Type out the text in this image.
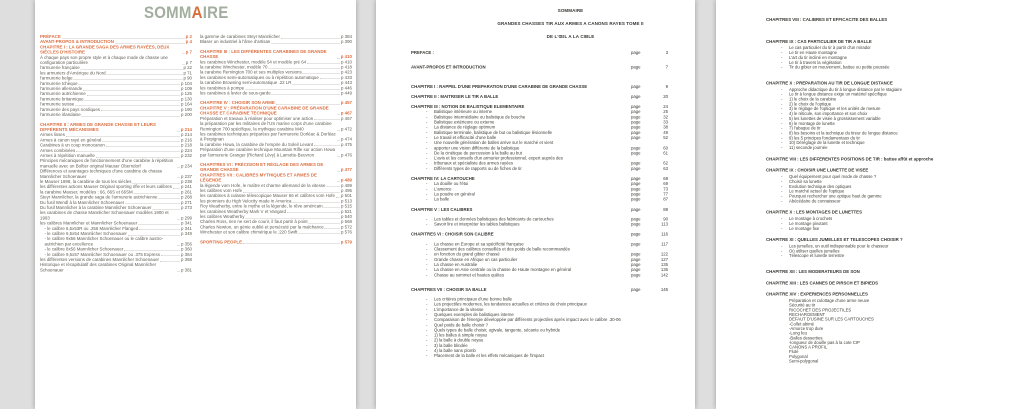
SOMMAIRE
PRÉFACE	p 2
AVANT-PROPOS & INTRODUCTION	p 4
CHAPITRE I : LA GRANDE SAGA DES ARMES RAYÉES, DEUX SIÈCLES D'HISTOIRE	p 7
À chaque pays son propre style et à chaque mode de chasse une configuration particulière	p 7
l'armurerie française	p 22
les armuriers d'Amérique du Nord	p 71
l'armurerie belge	p 90
l'armurerie tchèque	p 104
l'armurerie allemande	p 109
l'armurerie autrichienne	p 125
l'armurerie britannique	p 130
l'armurerie suisse	p 164
l'armurerie des pays nordiques	p 190
l'armurerie irlandaise	p 200
CHAPITRE II : ARMES DE GRANDE CHASSE ET LEURS DIFFÉRENTS MÉCANISMES	p 214
Armes lisses	p 214
Armes à canon rayé en général	p 216
Carabines à un coup monocanon	p 218
Armes combinées	p 224
Armes à répétition manuelle	p 232
Principes mécaniques de fonctionnement d'une carabine à répétition manuelle avec un Boîtier original Mauser Oberndorf	p 234
Différences et avantages techniques d'une carabine de chasse Mannlicher Schoenauer	p 237
le Mauser 1898, la carabine de tous les siècles	p 238
les différentes actions Mauser Original sporting rifle et leurs calibres p 241
la carabine Mauser, modèles : 66, 66S et 66SM	p 261
Steyr Mannlicher, la grande saga de l'armurerie autrichienne	p 268
Du fusil Wendl à la Mannlicher Schoenauer	p 271
Du fusil Mannlicher à la carabine Mannlicher Schoenauer	p 273
les carabines de chasse Mannlicher Schoenauer modèles 1900 et 1903	p 299
les calibres Mannlicher et Mannlicher Schoenauer	p 341
- le calibre 6,5x53R ou .256 Mannlicher Flanged	p 341
- le calibre 6,5x54 Mannlicher Schoenauer	p 349
- le calibre 9x56 Mannlicher Schoenauer ou le calibre austro-autrichien par excellence	p 356
- le calibre 8x56 Mannlicher Schoenauer	p 360
- le calibre 9,5x57 Mannlicher Schoenauer ou .375 Express p 364
les différentes versions de carabines Mannlicher Schoenauer	p 368
Historique et récapitulatif des carabines Original Mannlicher Schoenauer	p 381
la gamme de carabines Steyr Mannlicher	p 384
Blaser un industriel à l'âme d'artisan	p 390
CHAPITRE III : LES DIFFÉRENTES CARABINES DE GRANDE CHASSE	p 410
les carabines Winchester, modèle 54 et modèle pré 64	p 410
la carabine Winchester, modèle 70	p 418
la carabine Remington 700 et ses multiples versions	p 423
les carabines semi-automatiques ou à répétition automatique	p 433
la carabine Browning semi-automatique .22 LR	p 443
les carabines à pompe	p 446
les carabines à levier de sous-garde	p 449
CHAPITRE IV : CHOISIR SON ARME	p 457
CHAPITRE V : PRÉPARATION D'UNE CARABINE DE GRANDE CHASSE ET CARABINE TECHNIQUE	p 467
Préparation et travaux à réaliser pour optimiser une action	p 467
la préparation par les militaires de l'US marine corps d'une carabine Remington 700 spécifique, la mythique carabine M40	p 472
les carabines techniques préparées par l'armurerie Dorléac & Dorléac à Perpignan	p 474
la carabine Howa, la carabine de l'empire du Soleil Levant	p 475
Préparation d'une carabine technique Mountain Rifle sur action Howa par l'armurerie Granger (Richard Lévy) à Lamotte-Beuvron	p 476
CHAPITRES VI : PRÉCISION ET RÉGLAGE DES ARMES DE GRANDE CHASSE	p 477
CHAPITRES VII : CALIBRES MYTHIQUES ET ARMES DE LÉGENDE	p 489
la légende vom Hofe, le maître et charme allemand de la vitesse p 489
les calibres vom Hofe	p 495
les carabines à culasse télescopique Mauser 66 et calibres vom Hofe p 501
les pionniers du High Velocity made in America	p 513
Roy Weatherby, entre le mythe et la légende, le rêve américain p 515
les carabines Weatherby Mark V et Vangard	p 521
les calibres Weatherby	p 540
Charles Ross, rien ne sert de courir, il faut partir à point	p 568
Charles Newton, un génie oublié et persécuté par la malchance p 572
Winchester et son calibre chimérique le .220 Swift	p 576
SPORTING PEOPLE	p 579
SOMMAIRE
GRANDES CHASSES TIR AUX ARMES A CANONS RAYES TOME II
DE L'ŒIL A LA CIBLE
PREFACE :	page	3
AVANT-PROPOS ET INTRODUCTION	page	7
CHAPITRE I : RAPPEL D'UNE PREPARATION D'UNE CARABINE DE GRANDE CHASSE	page	9
CHAPITRE II : MAITRISER LE TIR A BALLE	page	20
CHAPITRE III : NOTION DE BALISTIQUE ELEMENTAIRE	page	24
- Balistique intérieure ou interne	page	25
- Balistique intermédiaire ou balistique de bouche	page	32
- Balistique extérieure ou externe	page	33
- La distance de réglage optimum	page	38
- Balistique terminale, balistique de but ou balistique lésionnelle	page	49
- Le travail et efficacité d'une balle	page	52
- Une nouvelle génération de balles arrive sur le marché et vient
- apporter une vision différente de la balistique	page	60
- De la cinétique de percussion à la balle au but	page	61
- L'avis et les conseils d'un armurier professionnel, expert auprès des
- tribunaux et spécialiste des armes rayées	page	62
- Différents types de rapports ou de fiches de tir	page	63
CHAPITRE IV: LA CARTOUCHE	page	68
- La douille ou l'étui	page	69
- L'amorce	page	73
- La poudre en général	page	77
- La balle	page	87
CHAPITRE V : LES CALIBRES	page	89
- Les tables et données balistiques des fabricants de cartouches	page	90
- Savoir lire et interpréter les tables balistiques	page 113
CHAPITRES VI : CHOISIR SON CALIBRE	page 116
- La chasse en Europe et sa spécificité française	page 117
- Classement des calibres conseillés et des poids de balle recommandés
- en fonction du grand gibier chassé	page 122
- Grande chasse en Afrique un cas particulier	page 127
- La chasse en Australie	page 135
- La chasse en Asie centrale ou la chasse de Haute montagne en général	page 136
- Chasse au sommet et hautes quêtes	page 142
CHAPITRES VII : CHOISIR SA BALLE	page 145
- Les critères principaux d'une bonne balle
- Les projectiles modernes, les tendances actuelles et critères de choix principaux
- L'importance de la vitesse
- Quelques exemples de balistiques interne
- Comparaison de l'énergie développée par différents projectiles après impact avec le calibre .30-06
- Quel poids de balle choisir ?
- Quels types de balle choisir, ogivale, tangente, sécante ou hybride
- 1) les balles à simple noyau
- 2) la balle à double noyau
- 3) la balle blindée
- 4) la balle sans plomb
- Placement de la balle et les effets mécaniques de l'impact
CHAPITRES VIII : CALIBRES ET EFFICACITE DES BALLES
CHAPITRE IX : CAS PARTICULIER DE TIR A BALLE
- Le cas particulier du tir à partir d'un mirador
- Le tir en Haute montagne
- L'art du tir incliné en montagne
- Le tir à travers la végétation
- Tir du gibier en mouvement, battue ou petite poussée
CHAPITRE X : PREPARATION AU TIR DE LONGUE DISTANCE
- Approche didactique du tir à longue distance par le stagiaire
- Le tir à longue distance exige un matériel spécifique
- 1) le choix de la carabine
- 2) le choix de l'optique
- 3) le réglage de l'optique et les unités de mesure
- 4) le réticule, son importance et son choix
- 5) les lunettes de visée à grossissement variable
- 6) le montage de lunette
- 7) l'abaque de tir
- 8) les besoins et la technique du tireur de longue distance
- 9) les 5 principes fondamentaux du tir
- 10) Déréglage de la lunette et technique
- 11) seconde journée
CHAPITRE VIII : LES DIFFERENTES POSITIONS DE TIR : battue affût et approche
CHAPITRE IX : CHOISIR UNE LUNETTE DE VISEE
- Quel équipement pour quel mode de chasse ?
- Choisir sa lunette
- Evolution technique des optiques
- Le marché actuel de l'optique
- Pourquoi rechercher une optique haut de gamme
- Abécédaire du connaisseur
CHAPITRE X : LES MONTAGES DE LUNETTES
- Le montage à crochets
- Le montage pivotant
- Le montage fixe
CHAPITRE XI : QUELLES JUMELLES ET TELESCOPES CHOISIR ?
- Les jumelles, un outil indispensable pour le chasseur
- Où utiliser quelles jumelles
- Télescope et lunette terrestre
CHAPITRE XII : LES MODERATEURS DE SON
CHAPITRE XIII : LES CANNES DE PIRSCH ET BIPIEDS
CHAPITRE XIV : EXPERIENCES PERSONNELLES
Préparation et culottage d'une arme neuve
Sécurité au tir
RICOCHET DES PROJECTILES
RECHARGEMENT
DEFAUT D'USINE SUR LES CARTOUCHES
-Collet abimé
-Amorce trop dure
-Long feu
-Balles desserties
-longueur de douille pas à la cote CIP
CANONS A PROFIL
Fluté
Polygonal
Semi-polygonal
